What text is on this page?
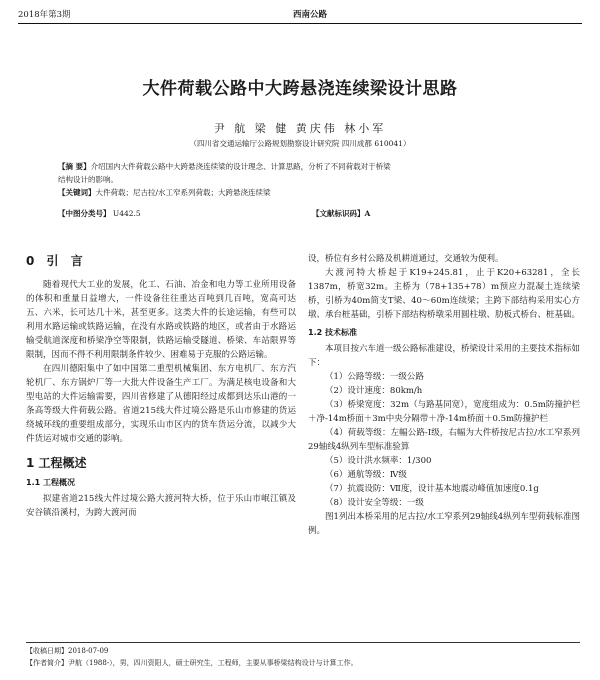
2018年第3期	西南公路
大件荷载公路中大跨悬浇连续梁设计思路
尹 航 梁 健 黄庆伟 林小军
（四川省交通运输厅公路规划勘察设计研究院 四川成都 610041）
【摘 要】介绍国内大件荷载公路中大跨悬浇连续梁的设计理念、计算思路，分析了不同荷载对于桥梁
结构设计的影响。
【关键词】大件荷载；尼古拉/水工窄系列荷载；大跨悬浇连续梁
【中图分类号】 U442.5	【文献标识码】A
0 引 言

随着现代大工业的发展，化工、石油、冶金和电力等工业所用设备的体积和重量日益增大，一件设备往往重达百吨到几百吨，宽高可达五、六米，长可达几十米，甚至更多。这类大件的长途运输，有些可以利用水路运输或铁路运输，在没有水路或铁路的地区，或者由于水路运输受航道深度和桥梁净空等限制，铁路运输受隧道、桥梁、车站限界等限制，因而不得不利用限制条件较少、困难易于克服的公路运输。

在四川德阳集中了如中国第二重型机械集团、东方电机厂、东方汽轮机厂、东方锅炉厂等一大批大件设备生产工厂。为满足核电设备和大型电站的大件运输需要，四川省修建了从德阳经过成都到达乐山港的一条高等级大件荷载公路。省道215线大件过境公路是乐山市修建的货运绕城环线的重要组成部分，实现乐山市区内的货车货运分流，以减少大件货运对城市交通的影响。

1 工程概述
1.1 工程概况

拟建省道215线大件过境公路大渡河特大桥，位于乐山市岷江镇及安谷镇沿溪村，为跨大渡河而

设，桥位有乡村公路及机耕道通过，交通较为便利。

大渡河特大桥起于K19+245.81，止于K20+63281，全长1387m，桥宽32m。主桥为（78+135+78）m预应力混凝土连续梁桥，引桥为40m简支T梁、40～60m连续梁；主跨下部结构采用实心方墩、承台桩基础，引桥下部结构桥墩采用圆柱墩、肋板式桥台、桩基础。

1.2 技术标准

本项目按六车道一级公路标准建设，桥梁设计采用的主要技术指标如下：

（1）公路等级：一级公路

（2）设计速度：80km/h

（3）桥梁宽度：32m（与路基同宽），宽度组成为：0.5m防撞护栏＋净-14m桥面＋3m中央分隔带＋净-14m桥面＋0.5m防撞护栏

（4）荷载等级：左幅公路-I级，右幅为大件桥按尼古拉/水工窄系列29轴线4纵列车型标准验算

（5）设计洪水频率：1/300

（6）通航等级：Ⅳ级

（7）抗震设防：Ⅶ度，设计基本地震动峰值加速度0.1g

（8）设计安全等级：一级

图1列出本桥采用的尼古拉/水工窄系列29轴线4纵列车型荷载标准图例。

【收稿日期】2018-07-09
【作者简介】尹航（1988-），男，四川资阳人，硕士研究生，工程师，主要从事桥梁结构设计与计算工作。
